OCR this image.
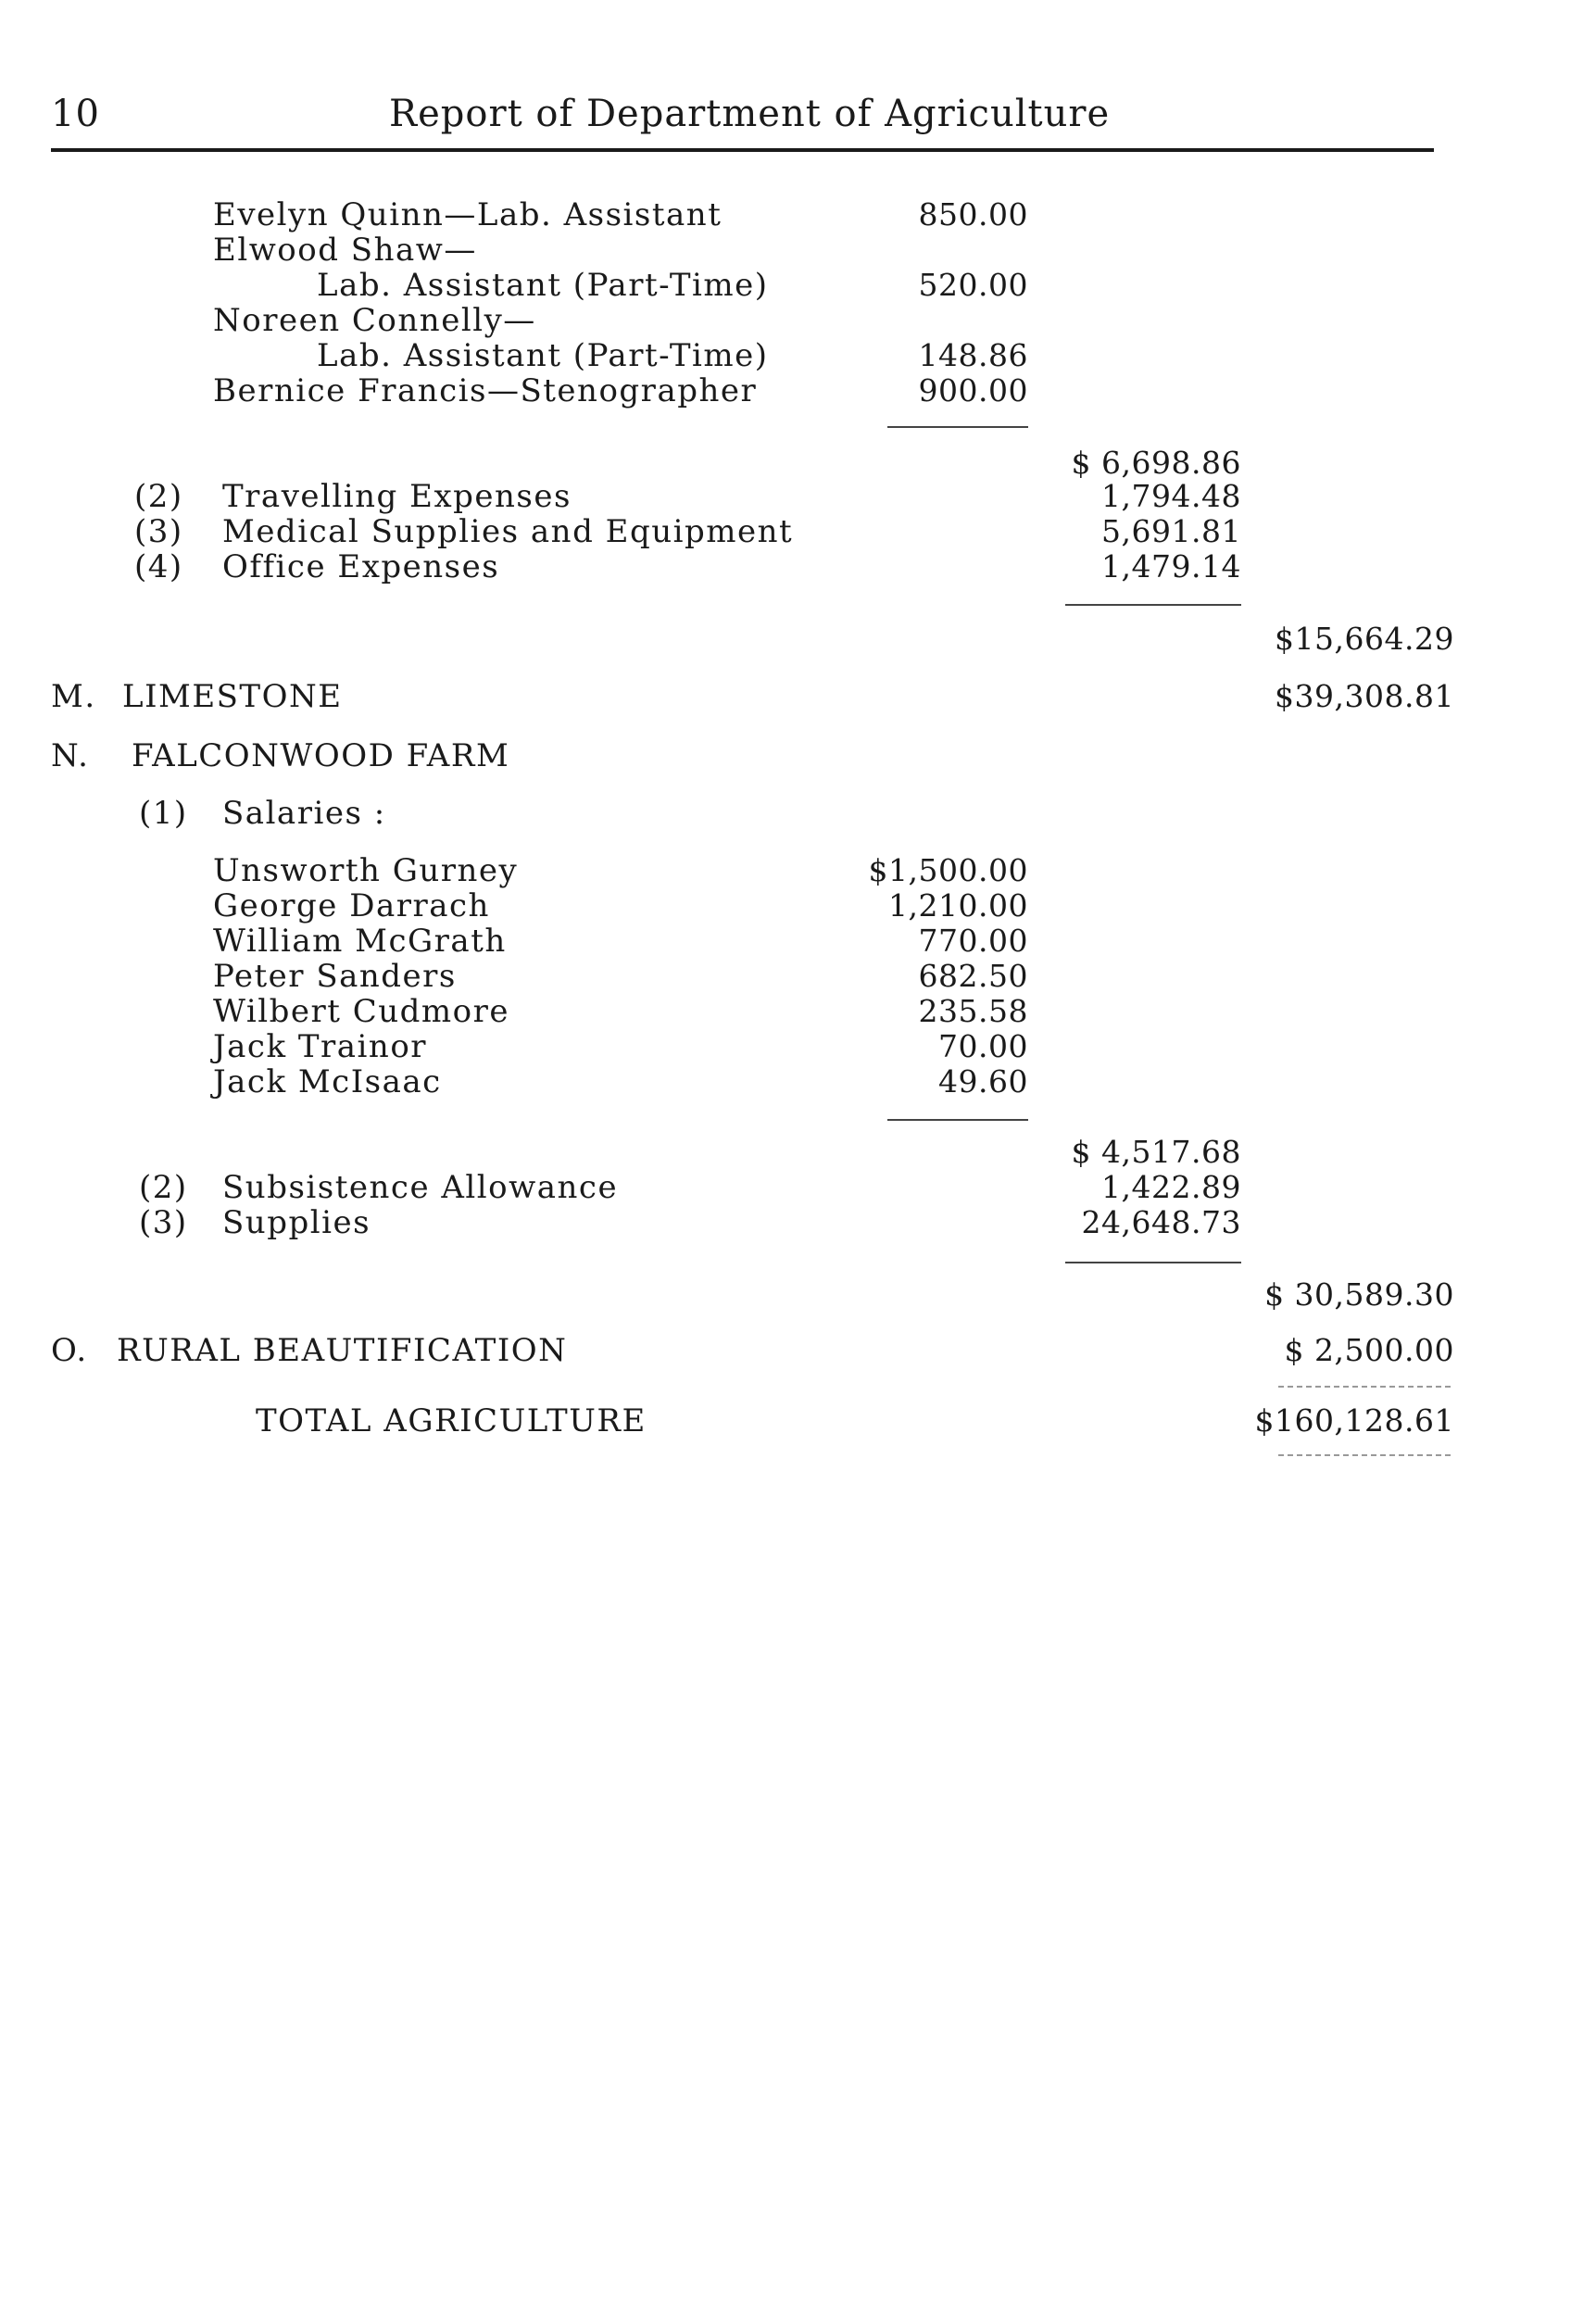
10	Report of Department of Agriculture
Evelyn Quinn—Lab. Assistant	850.00
Elwood Shaw—
Lab. Assistant (Part-Time)	520.00
Noreen Connelly—
Lab. Assistant (Part-Time)	148.86
Bernice Francis—Stenographer	900.00
$ 6,698.86
(2) Travelling Expenses	1,794.48
(3) Medical Supplies and Equipment	5,691.81
(4) Office Expenses	1,479.14
$15,664.29
M. LIMESTONE	$39,308.81
N. FALCONWOOD FARM
(1) Salaries :
Unsworth Gurney	$1,500.00
George Darrach	1,210.00
William McGrath	770.00
Peter Sanders	682.50
Wilbert Cudmore	235.58
Jack Trainor	70.00
Jack McIsaac	49.60
$ 4,517.68
(2) Subsistence Allowance	1,422.89
(3) Supplies	24,648.73
$ 30,589.30
O. RURAL BEAUTIFICATION	$ 2,500.00
TOTAL AGRICULTURE	$160,128.61
